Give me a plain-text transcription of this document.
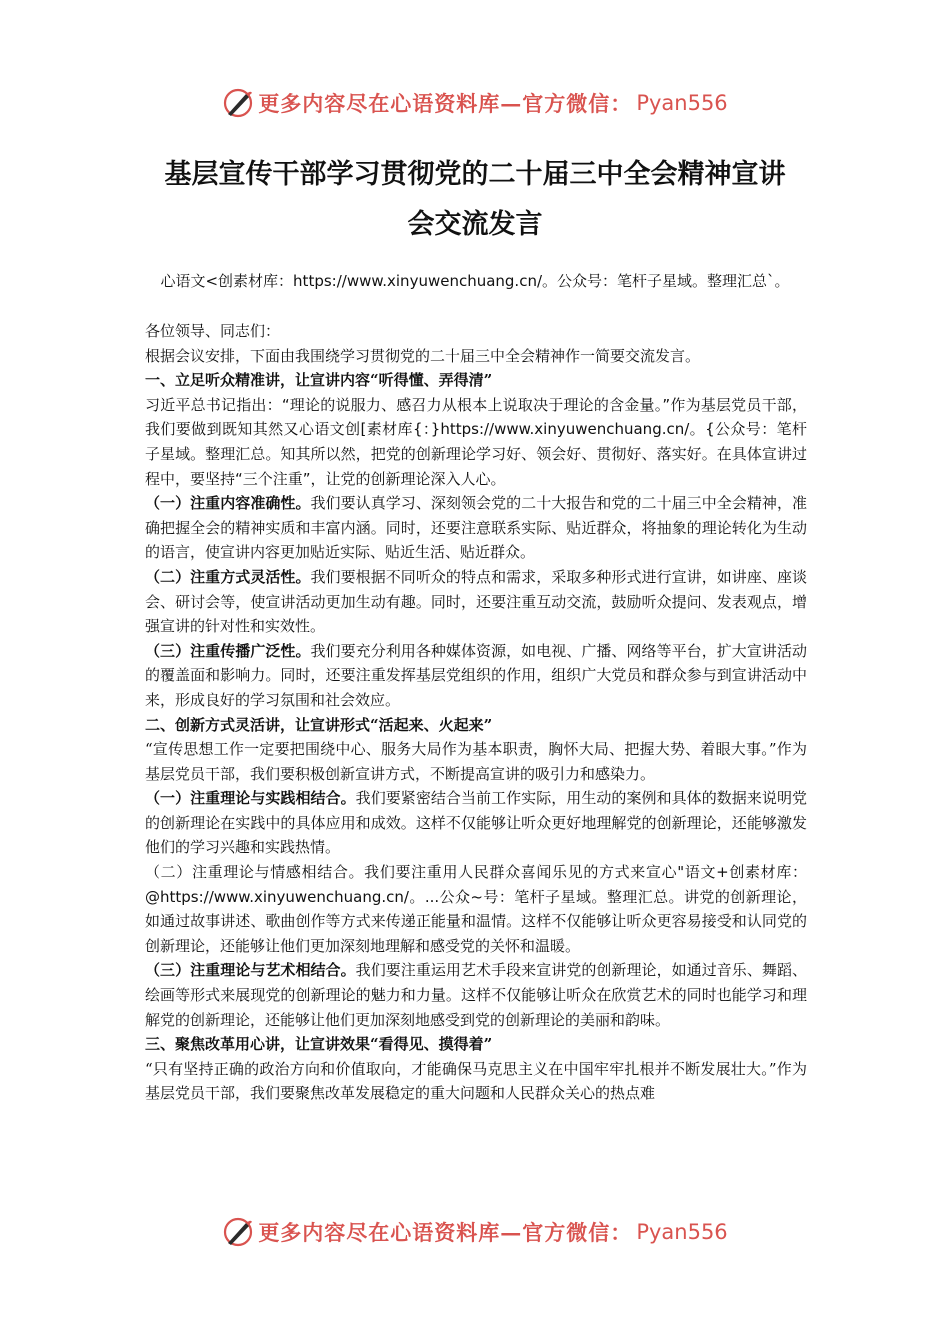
更多内容尽在心语资料库—官方微信： Pyan556
基层宣传干部学习贯彻党的二十届三中全会精神宣讲
会交流发言
心语文<创素材库：https://www.xinyuwenchuang.cn/。公众号：笔杆子星域。整理汇总`。

各位领导、同志们：

根据会议安排，下面由我围绕学习贯彻党的二十届三中全会精神作一简要交流发言。

一、立足听众精准讲，让宣讲内容“听得懂、弄得清”

习近平总书记指出：“理论的说服力、感召力从根本上说取决于理论的含金量。”作为基层党员干部，我们要做到既知其然又心语文创[素材库{：}https://www.xinyuwenchuang.cn/。{公众号：笔杆子星域。整理汇总。知其所以然，把党的创新理论学习好、领会好、贯彻好、落实好。在具体宣讲过程中，要坚持“三个注重”，让党的创新理论深入人心。

（一）注重内容准确性。我们要认真学习、深刻领会党的二十大报告和党的二十届三中全会精神，准确把握全会的精神实质和丰富内涵。同时，还要注意联系实际、贴近群众，将抽象的理论转化为生动的语言，使宣讲内容更加贴近实际、贴近生活、贴近群众。

（二）注重方式灵活性。我们要根据不同听众的特点和需求，采取多种形式进行宣讲，如讲座、座谈会、研讨会等，使宣讲活动更加生动有趣。同时，还要注重互动交流，鼓励听众提问、发表观点，增强宣讲的针对性和实效性。

（三）注重传播广泛性。我们要充分利用各种媒体资源，如电视、广播、网络等平台，扩大宣讲活动的覆盖面和影响力。同时，还要注重发挥基层党组织的作用，组织广大党员和群众参与到宣讲活动中来，形成良好的学习氛围和社会效应。

二、创新方式灵活讲，让宣讲形式“活起来、火起来”

“宣传思想工作一定要把围绕中心、服务大局作为基本职责，胸怀大局、把握大势、着眼大事。”作为基层党员干部，我们要积极创新宣讲方式，不断提高宣讲的吸引力和感染力。

（一）注重理论与实践相结合。我们要紧密结合当前工作实际，用生动的案例和具体的数据来说明党的创新理论在实践中的具体应用和成效。这样不仅能够让听众更好地理解党的创新理论，还能够激发他们的学习兴趣和实践热情。

（二）注重理论与情感相结合。我们要注重用人民群众喜闻乐见的方式来宣心"语文+创素材库：@https://www.xinyuwenchuang.cn/。...公众~号：笔杆子星域。整理汇总。讲党的创新理论，如通过故事讲述、歌曲创作等方式来传递正能量和温情。这样不仅能够让听众更容易接受和认同党的创新理论，还能够让他们更加深刻地理解和感受党的关怀和温暖。

（三）注重理论与艺术相结合。我们要注重运用艺术手段来宣讲党的创新理论，如通过音乐、舞蹈、绘画等形式来展现党的创新理论的魅力和力量。这样不仅能够让听众在欣赏艺术的同时也能学习和理解党的创新理论，还能够让他们更加深刻地感受到党的创新理论的美丽和韵味。

三、聚焦改革用心讲，让宣讲效果“看得见、摸得着”

“只有坚持正确的政治方向和价值取向，才能确保马克思主义在中国牢牢扎根并不断发展壮大。”作为基层党员干部，我们要聚焦改革发展稳定的重大问题和人民群众关心的热点难

更多内容尽在心语资料库—官方微信： Pyan556
